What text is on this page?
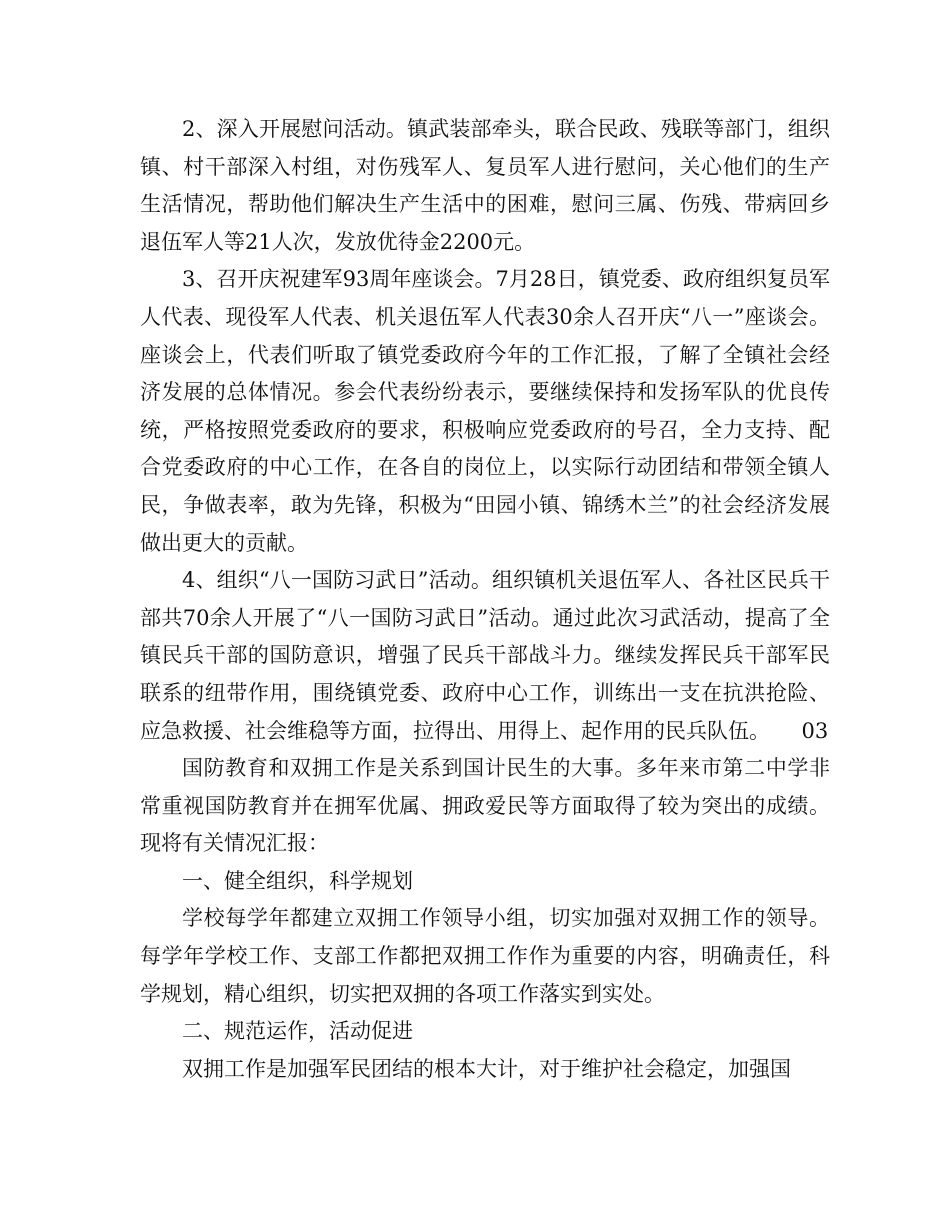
2、深入开展慰问活动。镇武装部牵头，联合民政、残联等部门，组织镇、村干部深入村组，对伤残军人、复员军人进行慰问，关心他们的生产生活情况，帮助他们解决生产生活中的困难，慰问三属、伤残、带病回乡退伍军人等21人次，发放优待金2200元。

3、召开庆祝建军93周年座谈会。7月28日，镇党委、政府组织复员军人代表、现役军人代表、机关退伍军人代表30余人召开庆“八一”座谈会。座谈会上，代表们听取了镇党委政府今年的工作汇报，了解了全镇社会经济发展的总体情况。参会代表纷纷表示，要继续保持和发扬军队的优良传统，严格按照党委政府的要求，积极响应党委政府的号召，全力支持、配合党委政府的中心工作，在各自的岗位上，以实际行动团结和带领全镇人民，争做表率，敢为先锋，积极为“田园小镇、锦绣木兰”的社会经济发展做出更大的贡献。

4、组织“八一国防习武日”活动。组织镇机关退伍军人、各社区民兵干部共70余人开展了“八一国防习武日”活动。通过此次习武活动，提高了全镇民兵干部的国防意识，增强了民兵干部战斗力。继续发挥民兵干部军民联系的纽带作用，围绕镇党委、政府中心工作，训练出一支在抗洪抢险、应急救援、社会维稳等方面，拉得出、用得上、起作用的民兵队伍。　　03

国防教育和双拥工作是关系到国计民生的大事。多年来市第二中学非常重视国防教育并在拥军优属、拥政爱民等方面取得了较为突出的成绩。现将有关情况汇报：

一、健全组织，科学规划

学校每学年都建立双拥工作领导小组，切实加强对双拥工作的领导。每学年学校工作、支部工作都把双拥工作作为重要的内容，明确责任，科学规划，精心组织，切实把双拥的各项工作落实到实处。

二、规范运作，活动促进

双拥工作是加强军民团结的根本大计，对于维护社会稳定，加强国
